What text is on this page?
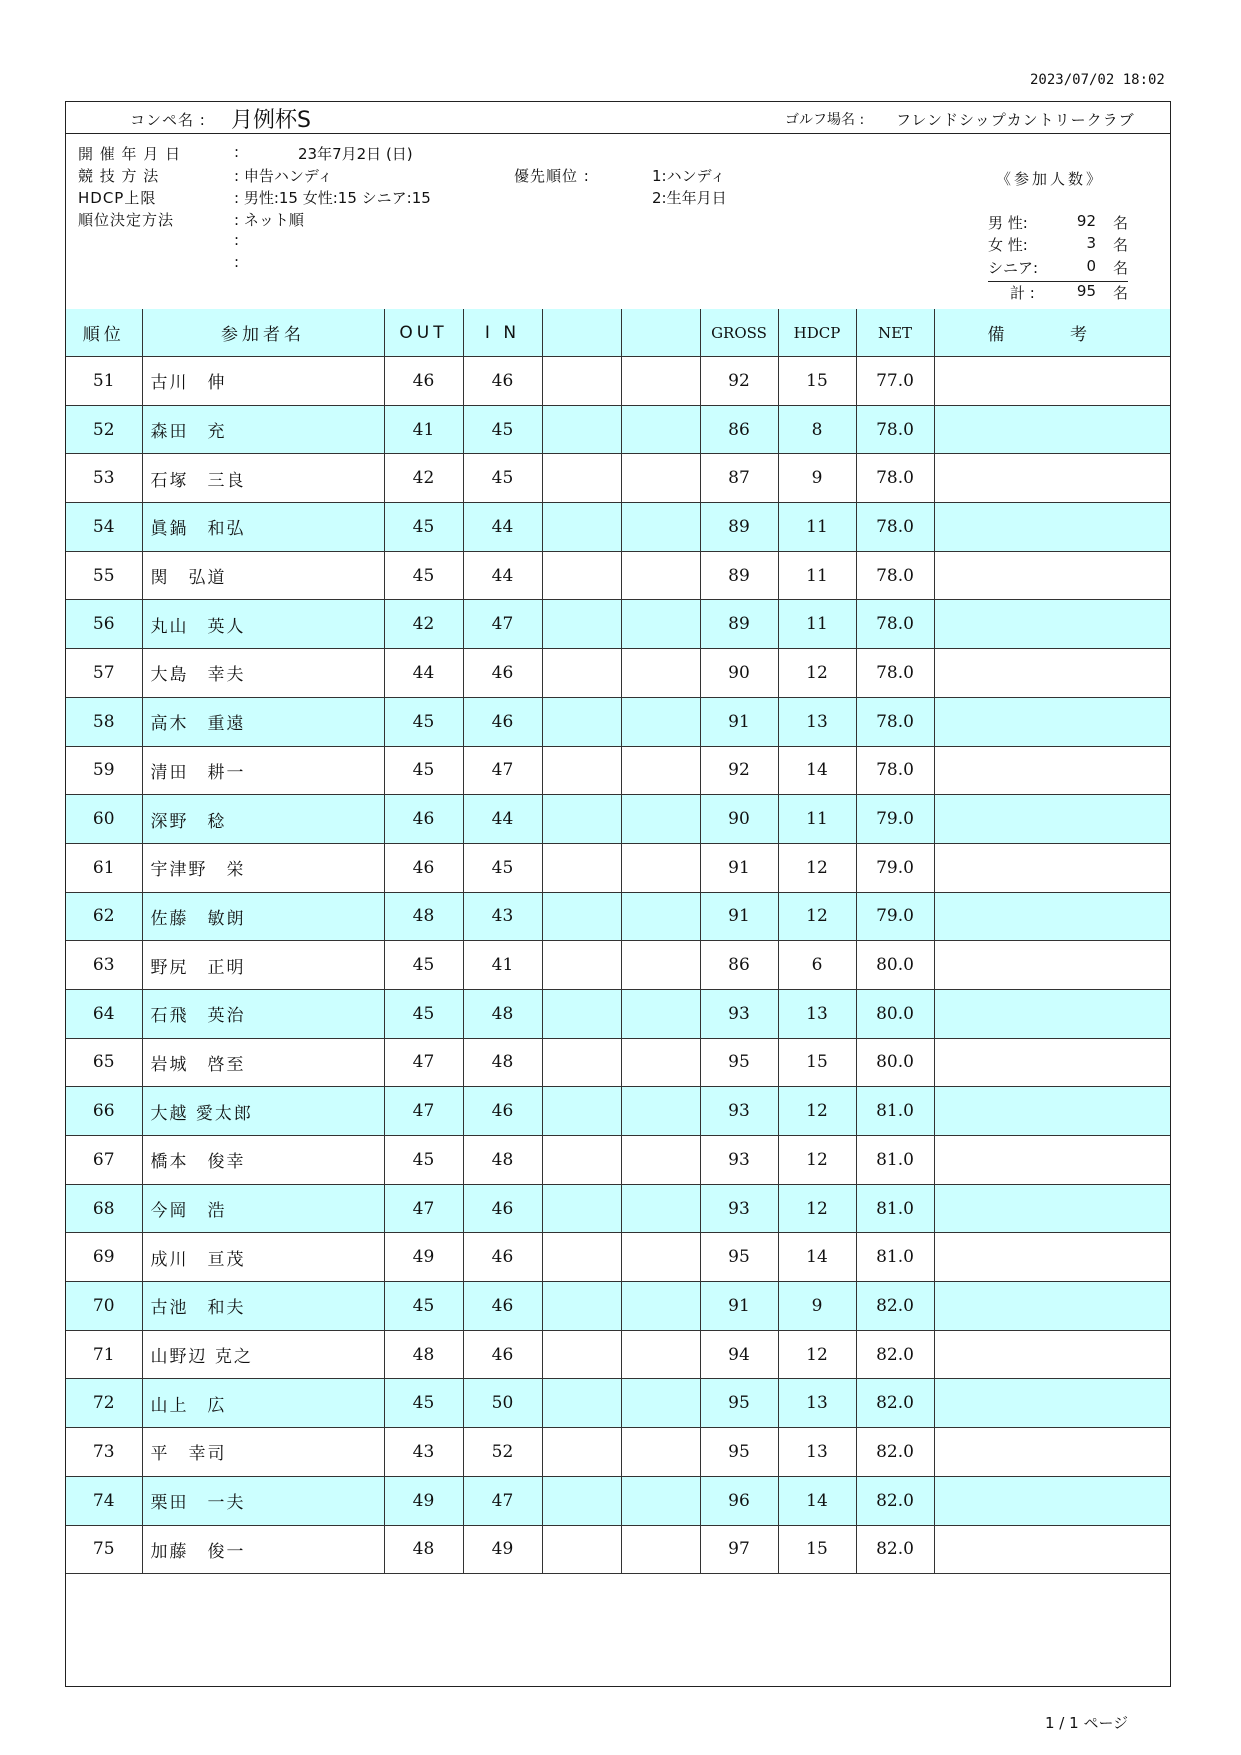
2023/07/02 18:02
コンペ名 : 月例杯S	ゴルフ場名 : フレンドシップカントリークラブ
開 催 年 月 日	:	23年7月2日 (日)
競 技 方 法	: 申告ハンディ	優先順位 :	1:ハンディ
HDCP上限	: 男性:15 女性:15 シニア:15	2:生年月日
順位決定方法	: ネット順
:
:
《参加人数》
男 性:	92 名
女 性:	3 名
シニア:	0 名
計 :	95 名
順位	参加者名	OUT	I N			GROSS	HDCP	NET	備 考
51	古川　伸	46	46			92	15	77.0	
52	森田　充	41	45			86	8	78.0	
53	石塚　三良	42	45			87	9	78.0	
54	眞鍋　和弘	45	44			89	11	78.0	
55	関　弘道	45	44			89	11	78.0	
56	丸山　英人	42	47			89	11	78.0	
57	大島　幸夫	44	46			90	12	78.0	
58	高木　重遠	45	46			91	13	78.0	
59	清田　耕一	45	47			92	14	78.0	
60	深野　稔	46	44			90	11	79.0	
61	宇津野　栄	46	45			91	12	79.0	
62	佐藤　敏朗	48	43			91	12	79.0	
63	野尻　正明	45	41			86	6	80.0	
64	石飛　英治	45	48			93	13	80.0	
65	岩城　啓至	47	48			95	15	80.0	
66	大越 愛太郎	47	46			93	12	81.0	
67	橋本　俊幸	45	48			93	12	81.0	
68	今岡　浩	47	46			93	12	81.0	
69	成川　亘茂	49	46			95	14	81.0	
70	古池　和夫	45	46			91	9	82.0	
71	山野辺 克之	48	46			94	12	82.0	
72	山上　広	45	50			95	13	82.0	
73	平　幸司	43	52			95	13	82.0	
74	栗田　一夫	49	47			96	14	82.0	
75	加藤　俊一	48	49			97	15	82.0	
1 / 1 ページ
